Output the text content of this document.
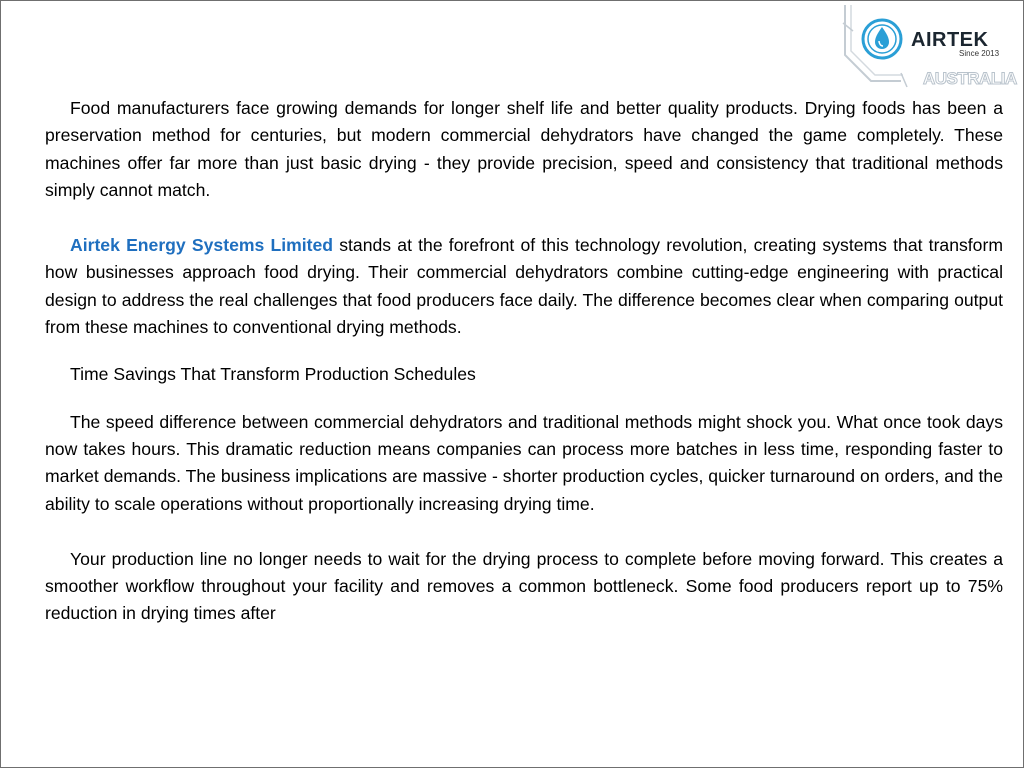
AIRTEK
Since 2013
AUSTRALIA

Food manufacturers face growing demands for longer shelf life and better quality products. Drying foods has been a preservation method for centuries, but modern commercial dehydrators have changed the game completely. These machines offer far more than just basic drying - they provide precision, speed and consistency that traditional methods simply cannot match.

Airtek Energy Systems Limited stands at the forefront of this technology revolution, creating systems that transform how businesses approach food drying. Their commercial dehydrators combine cutting-edge engineering with practical design to address the real challenges that food producers face daily. The difference becomes clear when comparing output from these machines to conventional drying methods.

Time Savings That Transform Production Schedules

The speed difference between commercial dehydrators and traditional methods might shock you. What once took days now takes hours. This dramatic reduction means companies can process more batches in less time, responding faster to market demands. The business implications are massive - shorter production cycles, quicker turnaround on orders, and the ability to scale operations without proportionally increasing drying time.

Your production line no longer needs to wait for the drying process to complete before moving forward. This creates a smoother workflow throughout your facility and removes a common bottleneck. Some food producers report up to 75% reduction in drying times after
